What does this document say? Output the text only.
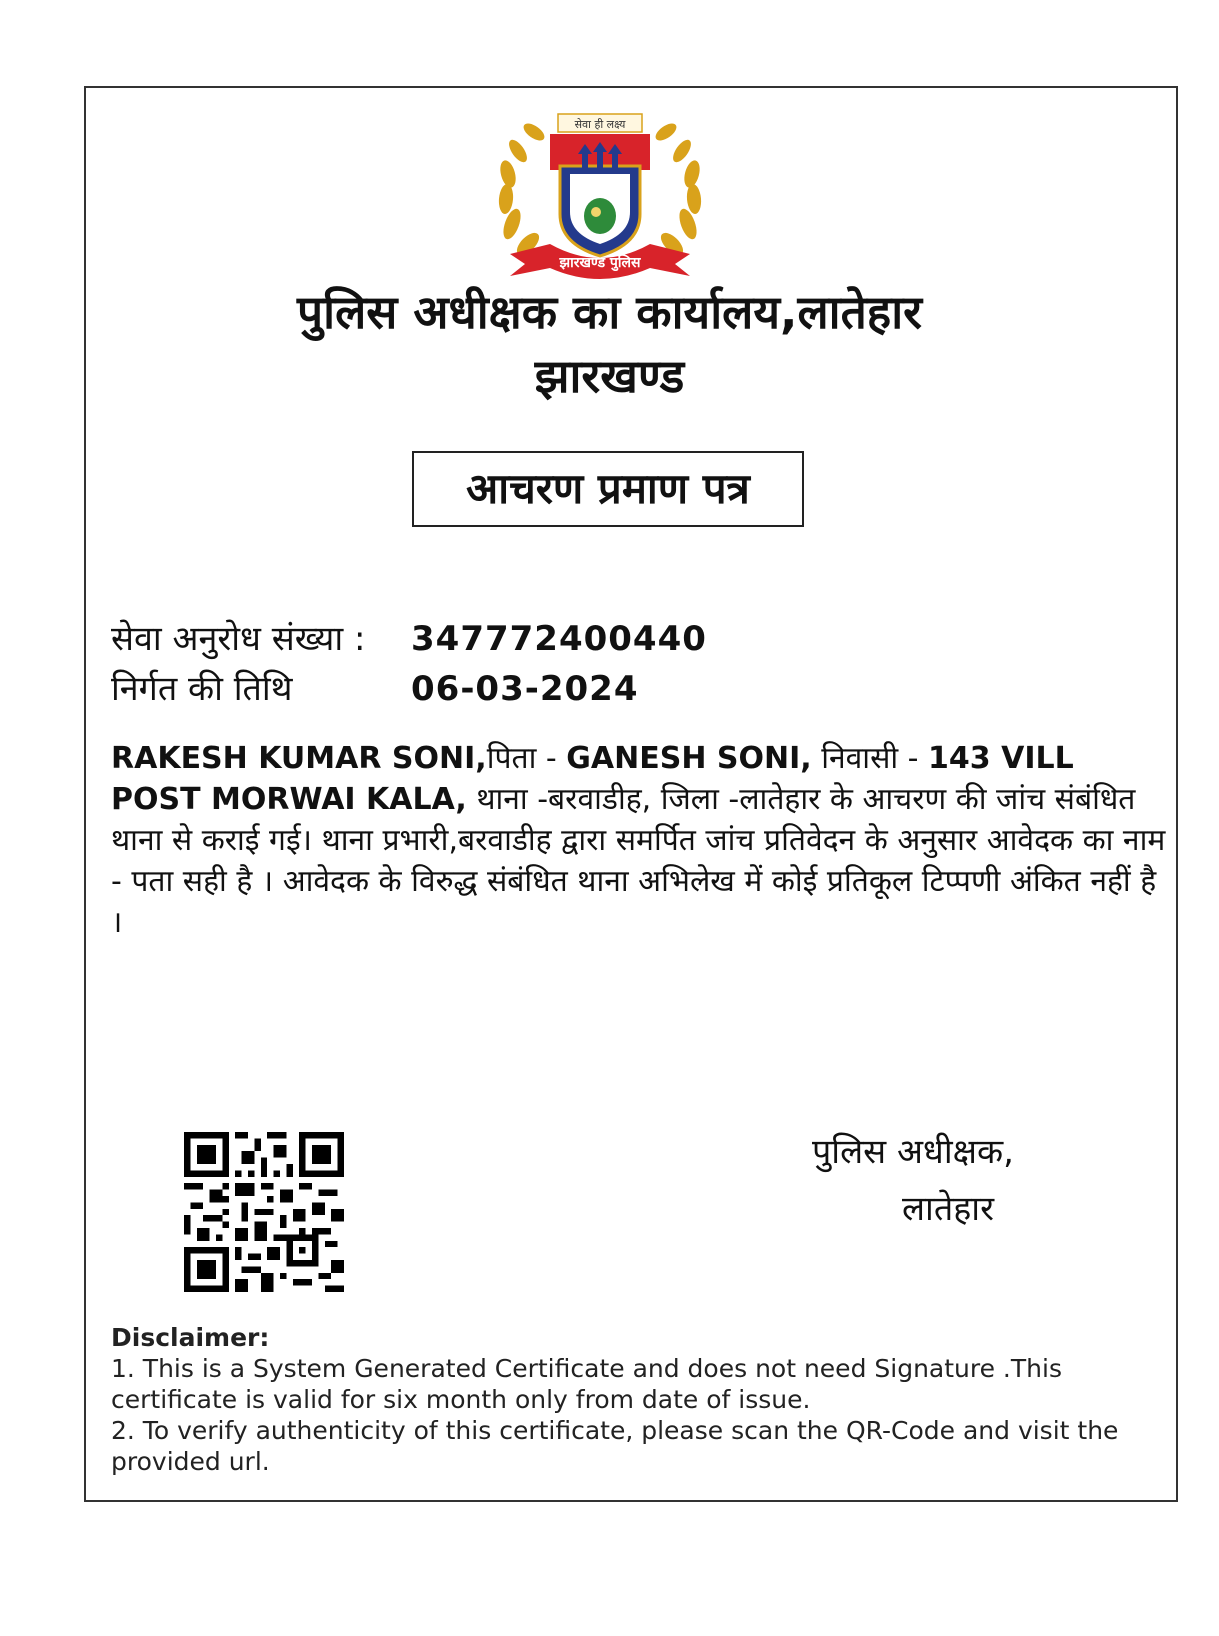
सेवा ही लक्ष्य
झारखण्ड पुलिस
पुलिस अधीक्षक का कार्यालय,लातेहार
झारखण्ड
आचरण प्रमाण पत्र
सेवा अनुरोध संख्या : 347772400440
निर्गत की तिथि	06-03-2024
RAKESH KUMAR SONI,पिता - GANESH SONI, निवासी - 143 VILL POST MORWAI KALA, थाना -बरवाडीह, जिला -लातेहार के आचरण की जांच संबंधित थाना से कराई गई। थाना प्रभारी,बरवाडीह द्वारा समर्पित जांच प्रतिवेदन के अनुसार आवेदक का नाम - पता सही है । आवेदक के विरुद्ध संबंधित थाना अभिलेख में कोई प्रतिकूल टिप्पणी अंकित नहीं है ।
पुलिस अधीक्षक,
लातेहार
Disclaimer:
1. This is a System Generated Certificate and does not need Signature .This certificate is valid for six month only from date of issue.
2. To verify authenticity of this certificate, please scan the QR-Code and visit the provided url.
